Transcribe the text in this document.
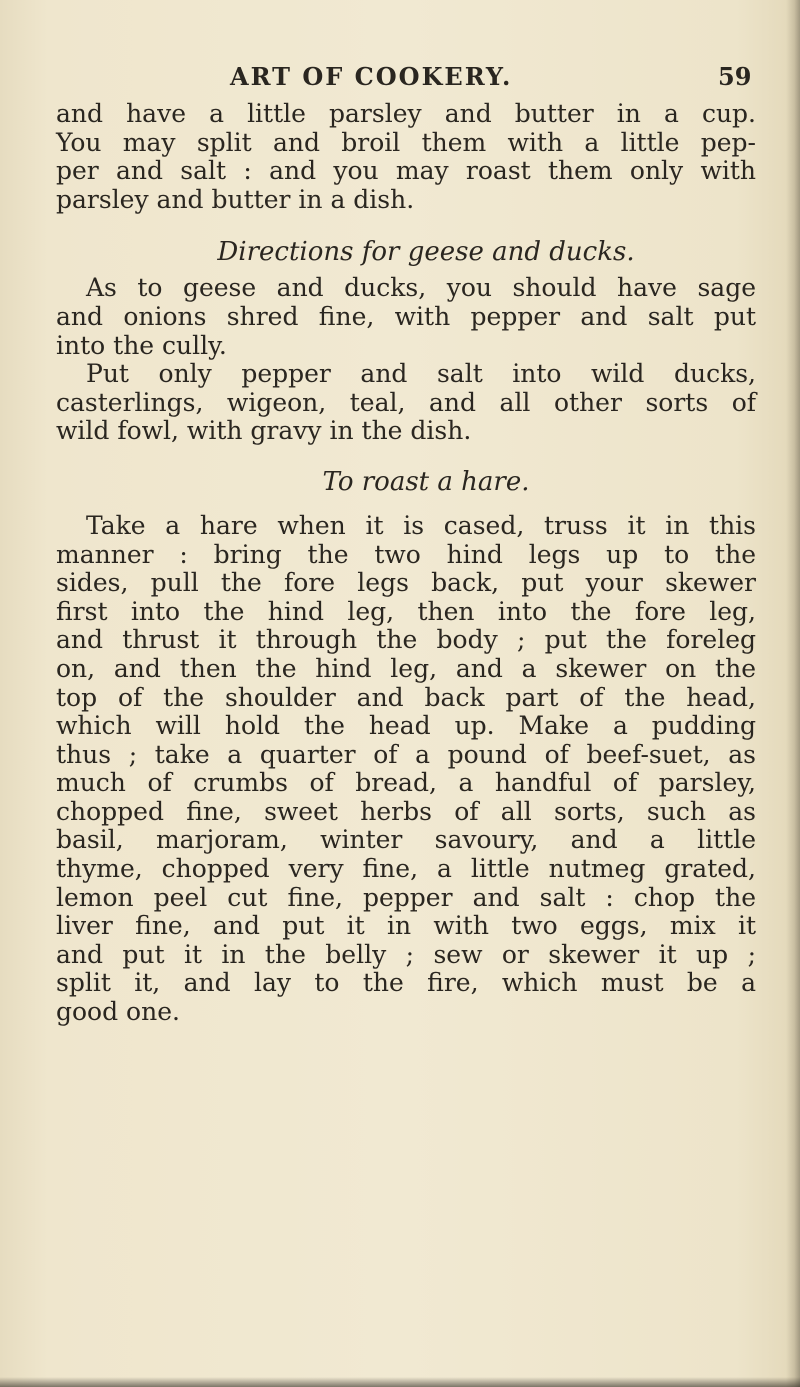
ART OF COOKERY.	59
and have a little parsley and butter in a cup.
You may split and broil them with a little pep-
per and salt : and you may roast them only with
parsley and butter in a dish.
Directions for geese and ducks.
As to geese and ducks, you should have sage
and onions shred fine, with pepper and salt put
into the cully.
Put only pepper and salt into wild ducks,
casterlings, wigeon, teal, and all other sorts of
wild fowl, with gravy in the dish.
To roast a hare.
Take a hare when it is cased, truss it in this
manner : bring the two hind legs up to the
sides, pull the fore legs back, put your skewer
first into the hind leg, then into the fore leg,
and thrust it through the body ; put the foreleg
on, and then the hind leg, and a skewer on the
top of the shoulder and back part of the head,
which will hold the head up. Make a pudding
thus ; take a quarter of a pound of beef-suet, as
much of crumbs of bread, a handful of parsley,
chopped fine, sweet herbs of all sorts, such as
basil, marjoram, winter savoury, and a little
thyme, chopped very fine, a little nutmeg grated,
lemon peel cut fine, pepper and salt : chop the
liver fine, and put it in with two eggs, mix it
and put it in the belly ; sew or skewer it up ;
split it, and lay to the fire, which must be a
good one.
